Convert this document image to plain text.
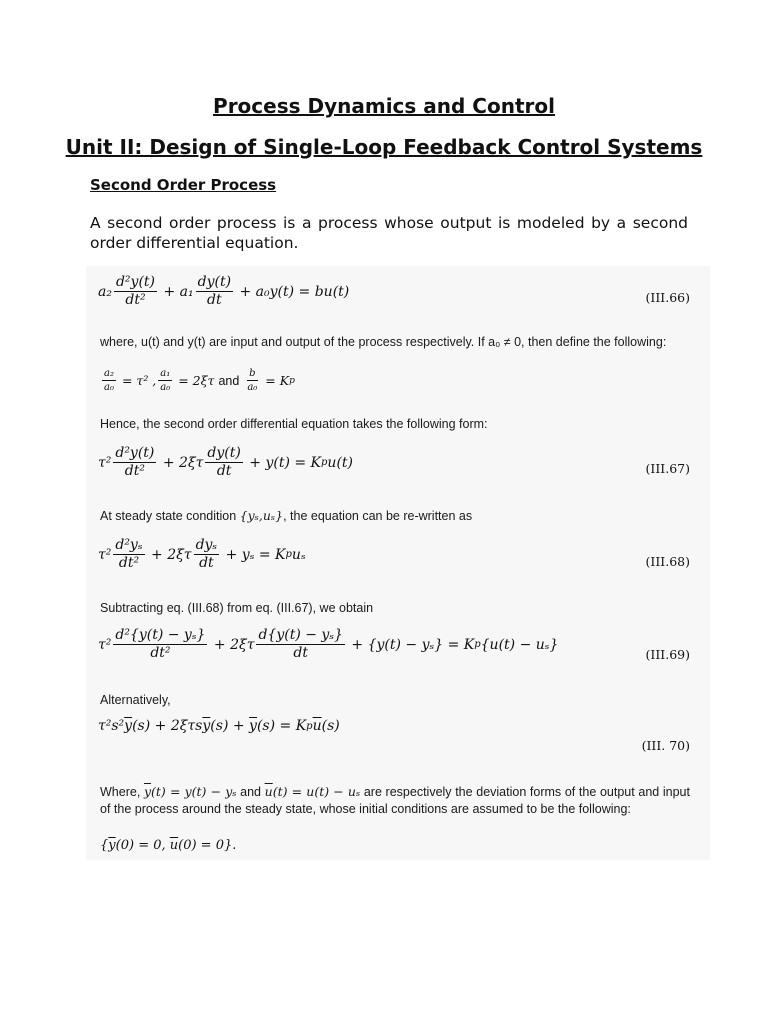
Process Dynamics and Control
Unit II: Design of Single-Loop Feedback Control Systems
Second Order Process
A second order process is a process whose output is modeled by a second order differential equation.
$a_2 \frac{\text{d²y(t)}}{\text{dt²}} + a_1 \frac{dy(t)}{dt} + a_0y(t) = bu(t)$	(III.66)
where, u(t) and y(t) are input and output of the process respectively. If a₀ ≠ 0, then define the following:
$\frac{\text{a₂}}{\text{a₀}} = \tau^2$ , $\frac{\text{a₁}}{\text{a₀}} = 2\xi\tau$ and $\frac{b}{\text{a₀}} = K$ p
Hence, the second order differential equation takes the following form:
$\tau^2 \frac{\text{d²y(t)}}{\text{dt²}} + 2\xi\tau \frac{dy(t)}{dt} + y(t) = K$ p u(t)	(III.67)
At steady state condition {yₛ,uₛ}, the equation can be re-written as
$\tau^2 \frac{\text{d²yₛ}}{\text{dt²}} + 2\xi\tau \frac{\text{dyₛ}}{dt} + y_s = K$ p uₛ	(III.68)
Subtracting eq. (III.68) from eq. (III.67), we obtain
$\tau^2 \frac{\text{d²\{y(t) − yₛ\}}}{\text{dt²}} + 2\xi\tau \frac{\text{d\{y(t) − yₛ\}}}{dt} + \{y(t) - y_s\} = K$ p {u(t) − uₛ}
(III.69)
Alternatively,
τ²s² $\overline{y}$ (s) + 2ξτs $\overline{y}$ $(s) + \overline{y}$ (s) = K p $\overline{u}$ (s)
(III. 70)
Where, $\overline{y}(t) = y(t) - y_s$ and $\overline{u}(t) = u(t) - u_s$ are respectively the deviation forms of the output and input of the process around the steady state, whose initial conditions are assumed to be the following:
{ $\overline{y}$ (0) = 0, $\overline{u}$ (0) = 0}.
